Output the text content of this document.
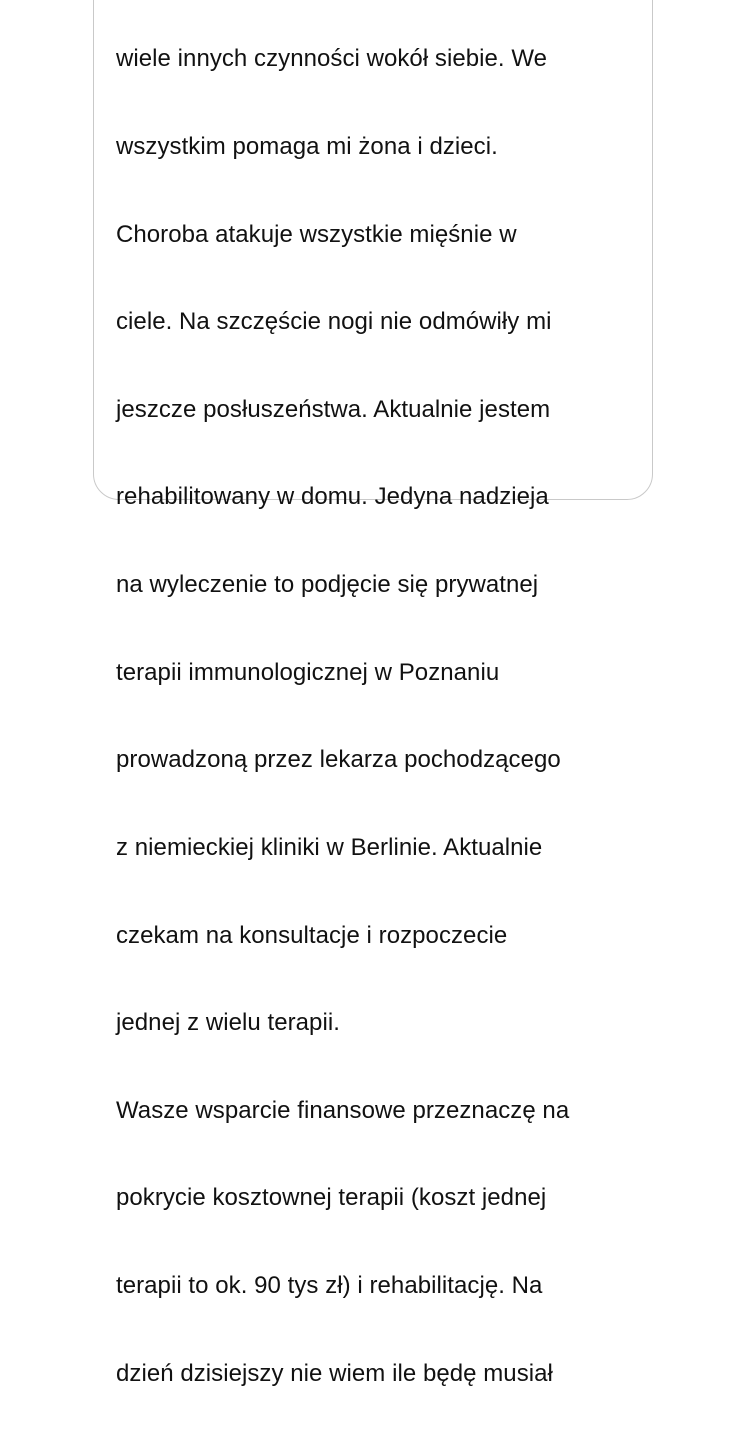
wiele innych czynności wokół siebie. We

wszystkim pomaga mi żona i dzieci.

Choroba atakuje wszystkie mięśnie w

ciele. Na szczęście nogi nie odmówiły mi

jeszcze posłuszeństwa. Aktualnie jestem

rehabilitowany w domu. Jedyna nadzieja

na wyleczenie to podjęcie się prywatnej

terapii immunologicznej w Poznaniu

prowadzoną przez lekarza pochodzącego

z niemieckiej kliniki w Berlinie. Aktualnie

czekam na konsultacje i rozpoczecie

jednej z wielu terapii.

Wasze wsparcie finansowe przeznaczę na

pokrycie kosztownej terapii (koszt jednej

terapii to ok. 90 tys zł) i rehabilitację. Na

dzień dzisiejszy nie wiem ile będę musiał
